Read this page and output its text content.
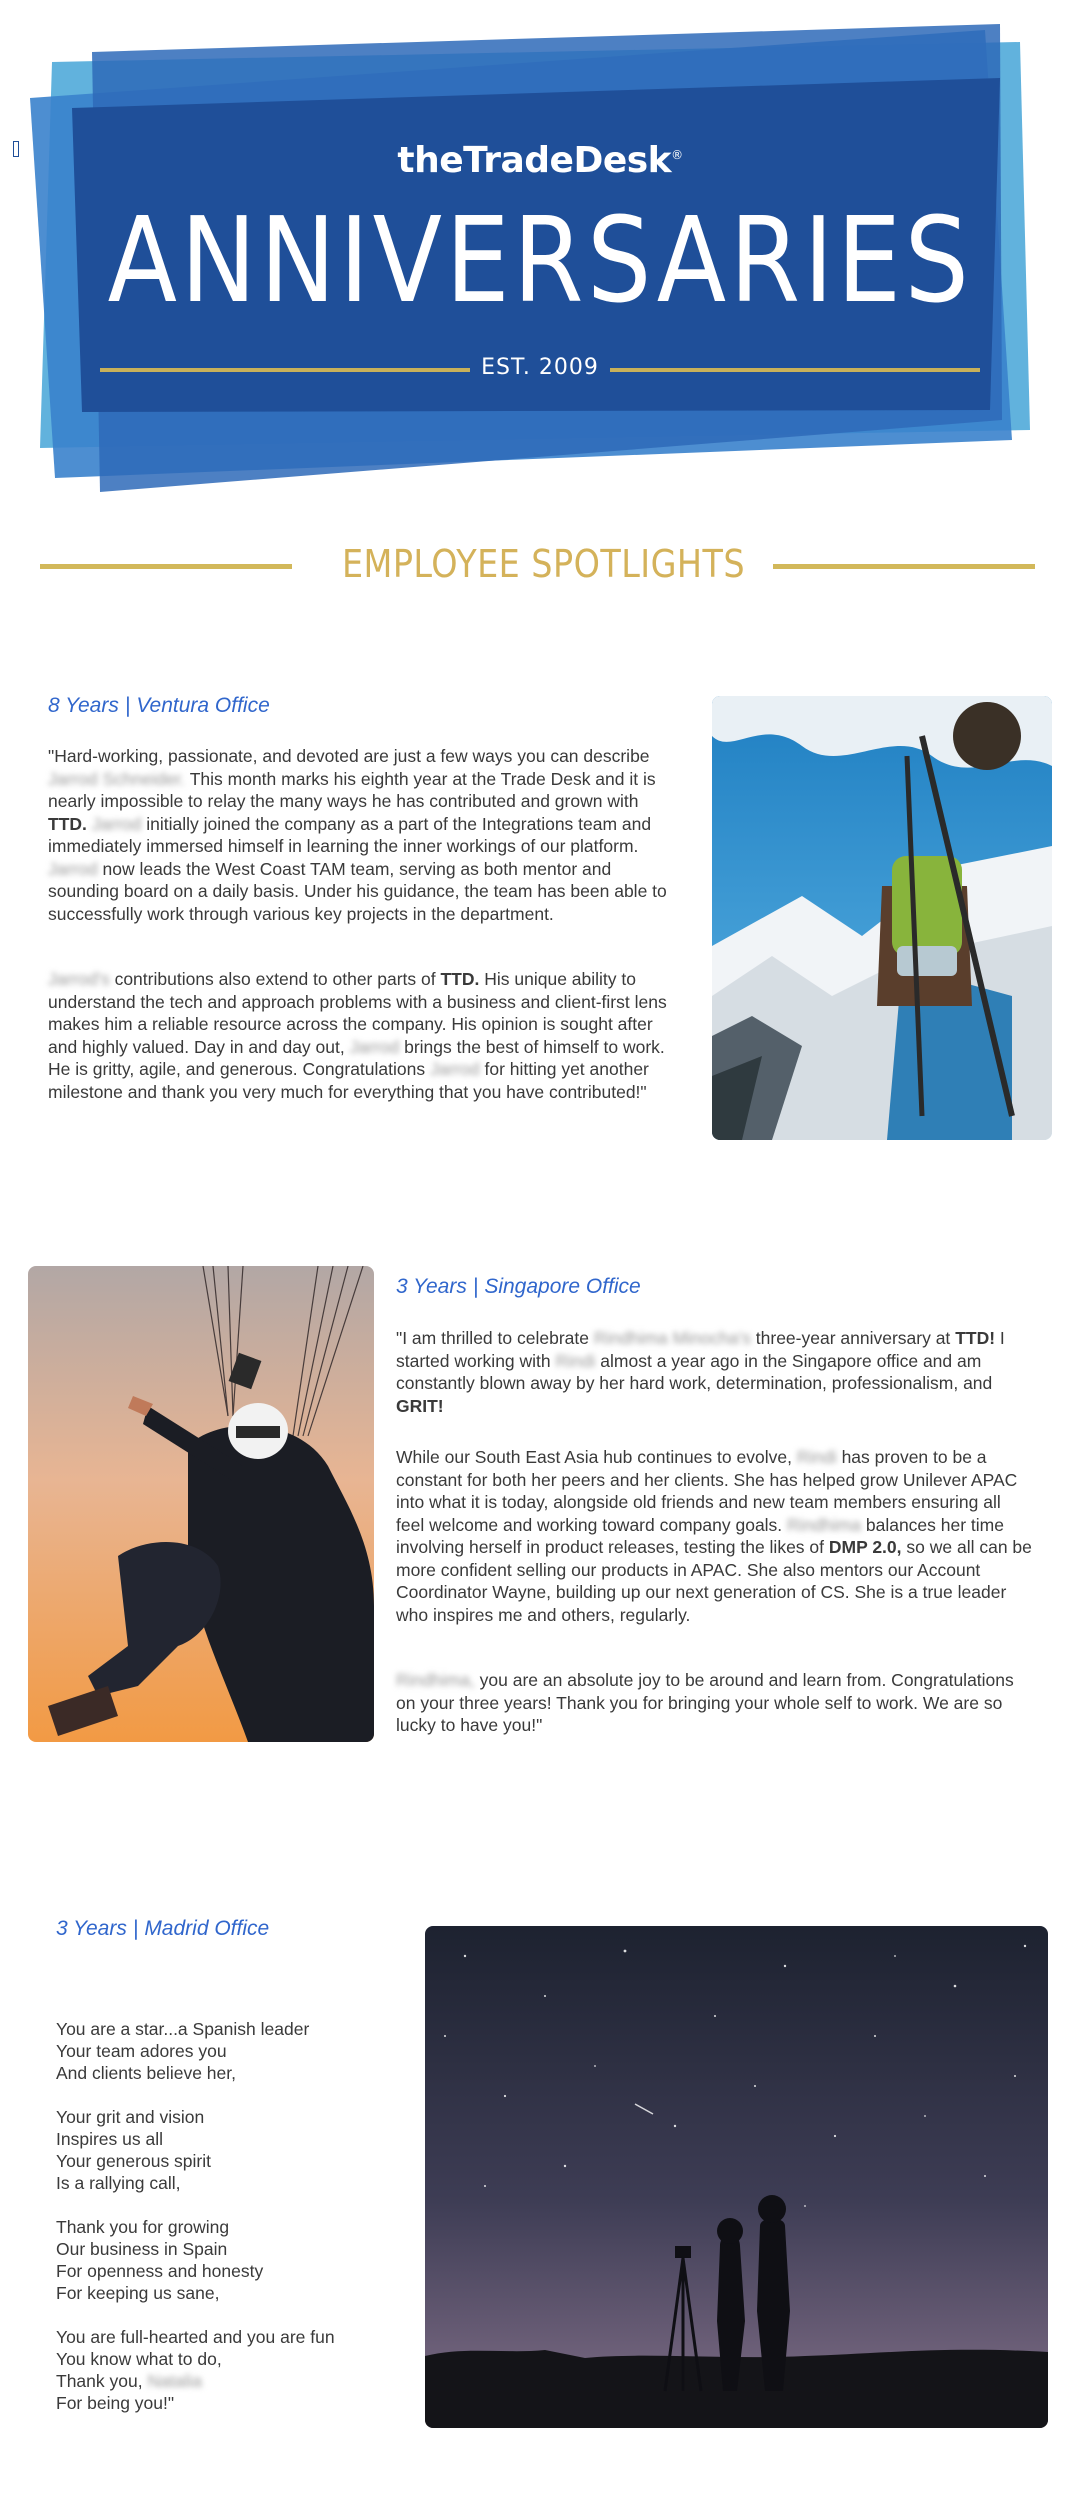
theTradeDesk®
ANNIVERSARIES
EST. 2009
EMPLOYEE SPOTLIGHTS
8 Years | Ventura Office
"Hard-working, passionate, and devoted are just a few ways you can describe Jarrod Schneider. This month marks his eighth year at the Trade Desk and it is nearly impossible to relay the many ways he has contributed and grown with TTD. Jarrod initially joined the company as a part of the Integrations team and immediately immersed himself in learning the inner workings of our platform. Jarrod now leads the West Coast TAM team, serving as both mentor and sounding board on a daily basis. Under his guidance, the team has been able to successfully work through various key projects in the department.
Jarrod's contributions also extend to other parts of TTD. His unique ability to understand the tech and approach problems with a business and client-first lens makes him a reliable resource across the company. His opinion is sought after and highly valued. Day in and day out, Jarrod brings the best of himself to work. He is gritty, agile, and generous. Congratulations Jarrod for hitting yet another milestone and thank you very much for everything that you have contributed!"
3 Years | Singapore Office
"I am thrilled to celebrate Rindhima Minocha's three-year anniversary at TTD! I started working with Rindi almost a year ago in the Singapore office and am constantly blown away by her hard work, determination, professionalism, and GRIT!
While our South East Asia hub continues to evolve, Rindi has proven to be a constant for both her peers and her clients. She has helped grow Unilever APAC into what it is today, alongside old friends and new team members ensuring all feel welcome and working toward company goals. Rindhima balances her time involving herself in product releases, testing the likes of DMP 2.0, so we all can be more confident selling our products in APAC. She also mentors our Account Coordinator Wayne, building up our next generation of CS. She is a true leader who inspires me and others, regularly.
Rindhima, you are an absolute joy to be around and learn from. Congratulations on your three years! Thank you for bringing your whole self to work. We are so lucky to have you!"
3 Years | Madrid Office
You are a star...a Spanish leader
Your team adores you
And clients believe her,
Your grit and vision
Inspires us all
Your generous spirit
Is a rallying call,
Thank you for growing
Our business in Spain
For openness and honesty
For keeping us sane,
You are full-hearted and you are fun
You know what to do,
Thank you, Natalia
For being you!"
